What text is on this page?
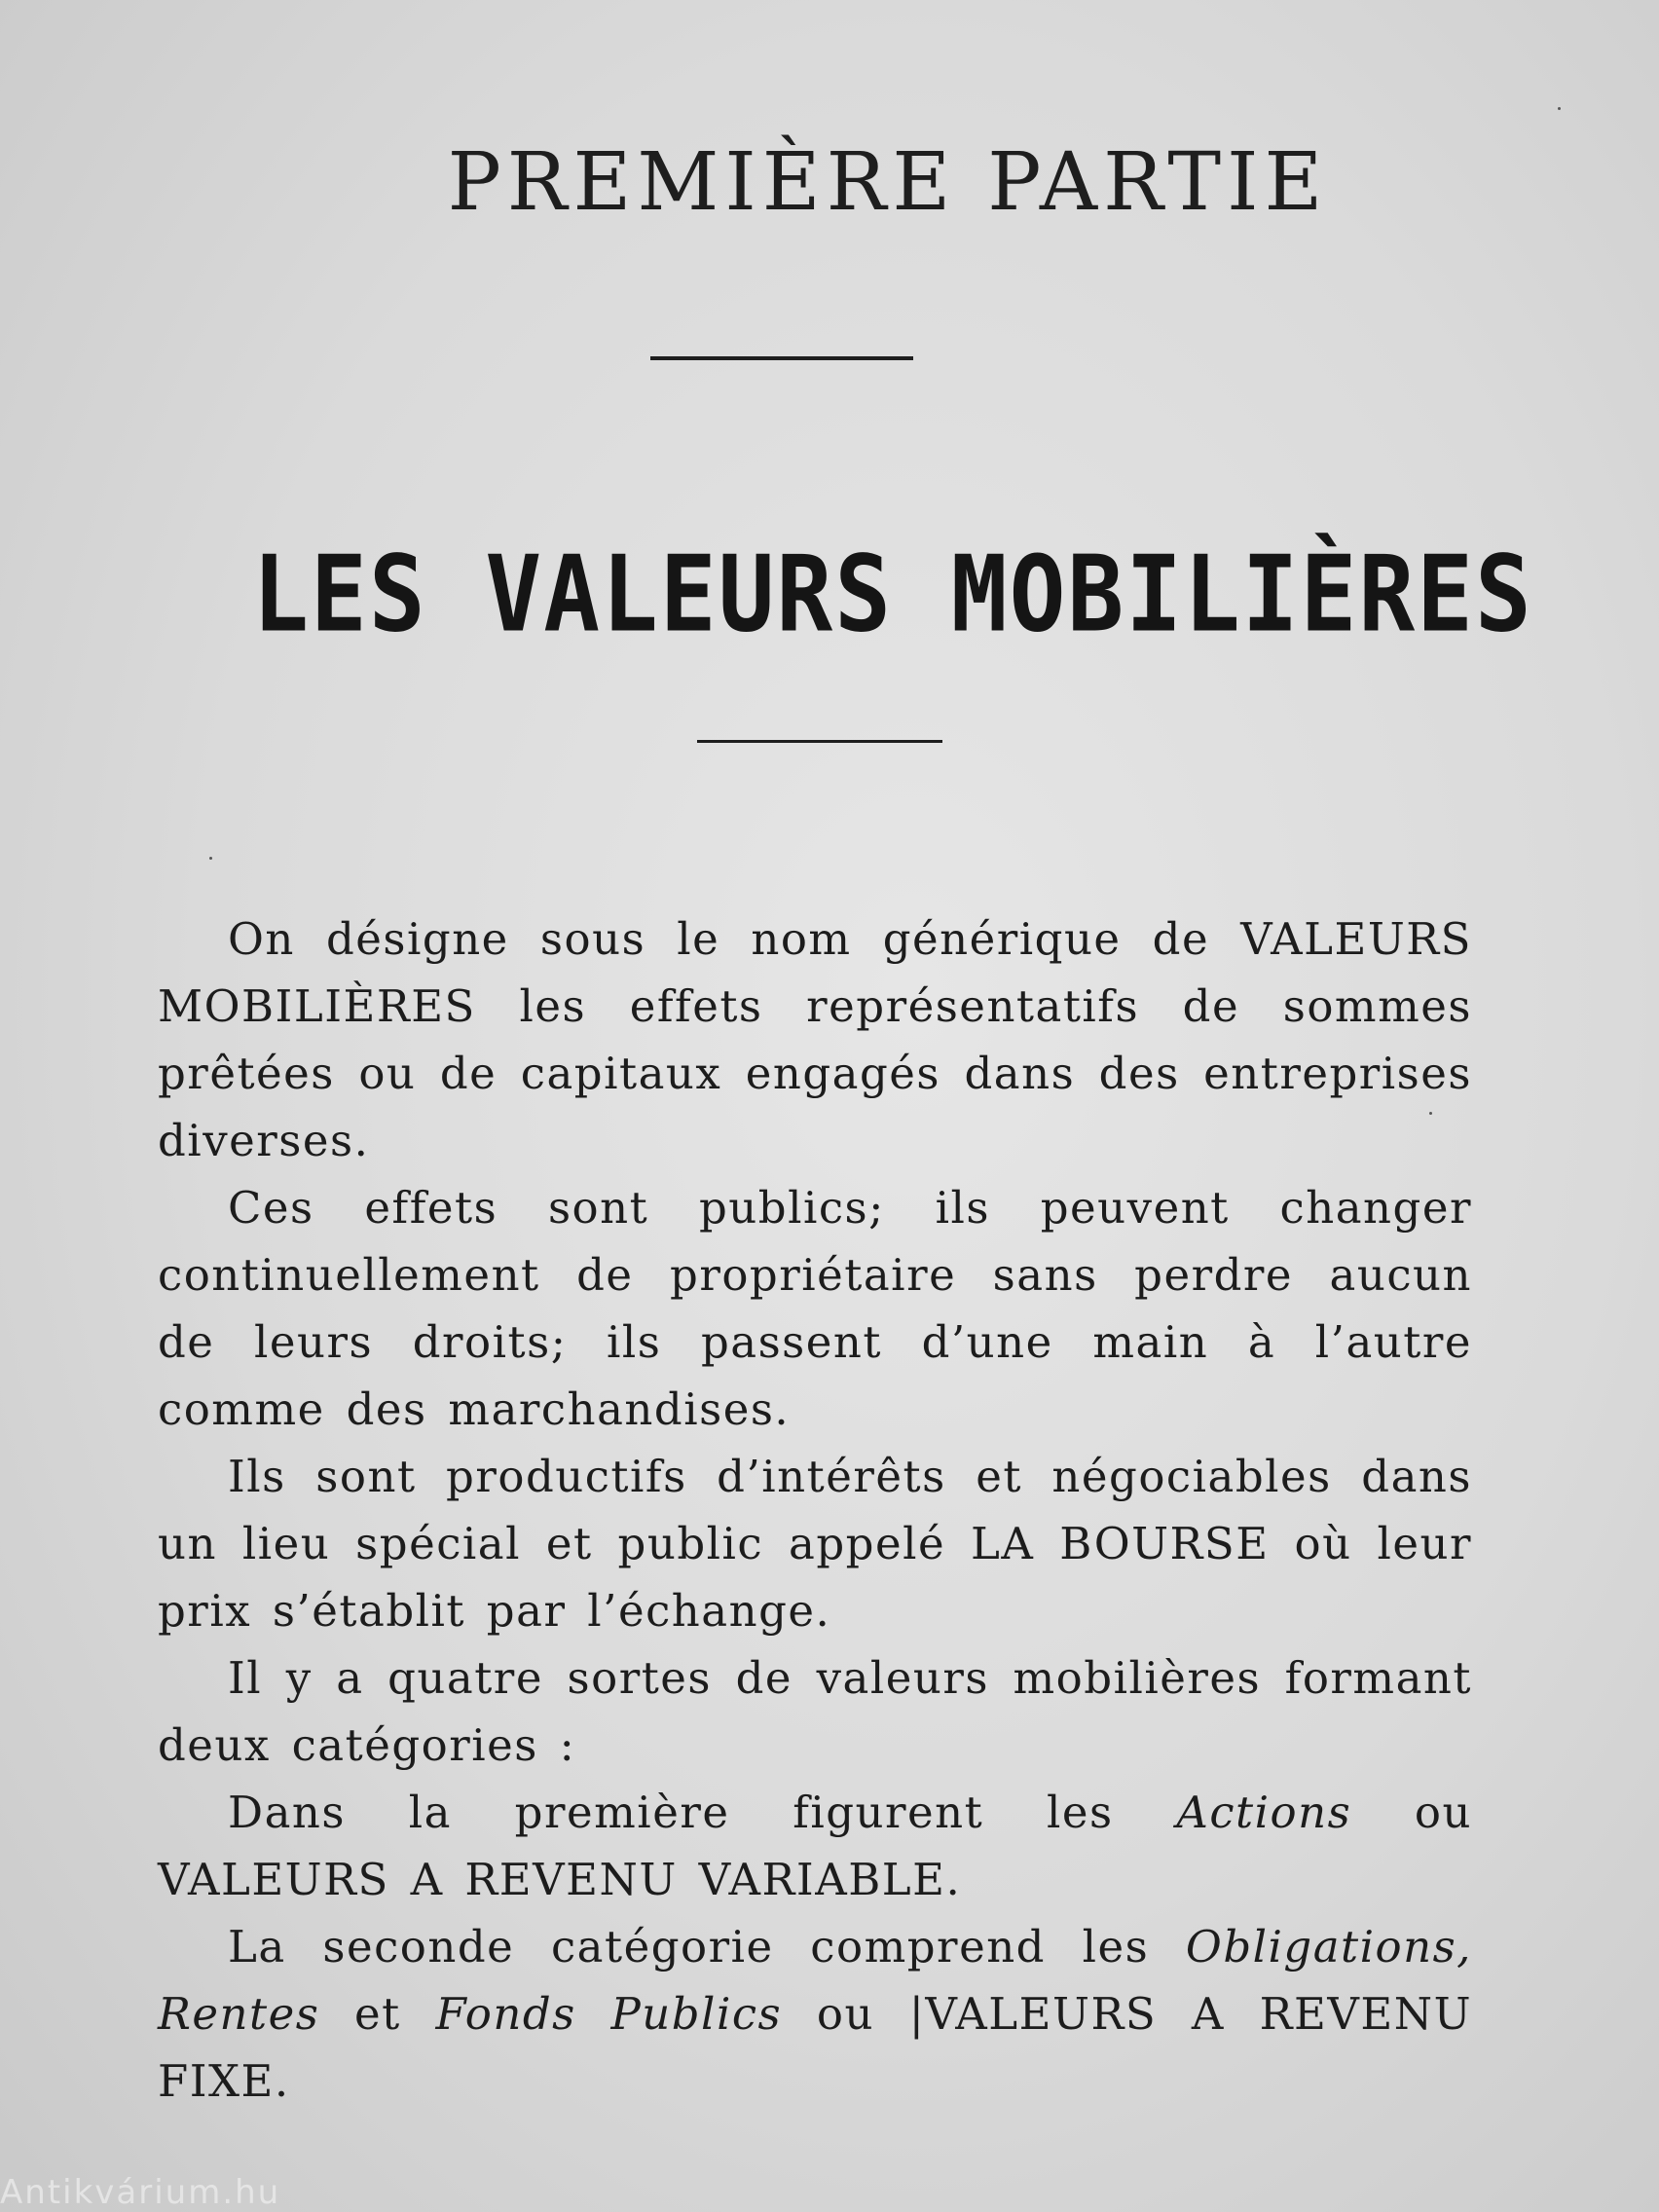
PREMIÈRE PARTIE
LES VALEURS MOBILIÈRES

On désigne sous le nom générique de VALEURS MOBILIÈRES les effets représentatifs de sommes prêtées ou de capitaux engagés dans des entreprises diverses.

Ces effets sont publics; ils peuvent changer continuellement de propriétaire sans perdre aucun de leurs droits; ils passent d’une main à l’autre comme des marchandises.

Ils sont productifs d’intérêts et négociables dans un lieu spécial et public appelé LA BOURSE où leur prix s’établit par l’échange.

Il y a quatre sortes de valeurs mobilières formant deux catégories :

Dans la première figurent les Actions ou VALEURS A REVENU VARIABLE.

La seconde catégorie comprend les Obligations, Rentes et Fonds Publics ou |VALEURS A REVENU FIXE.

Antikvárium.hu
